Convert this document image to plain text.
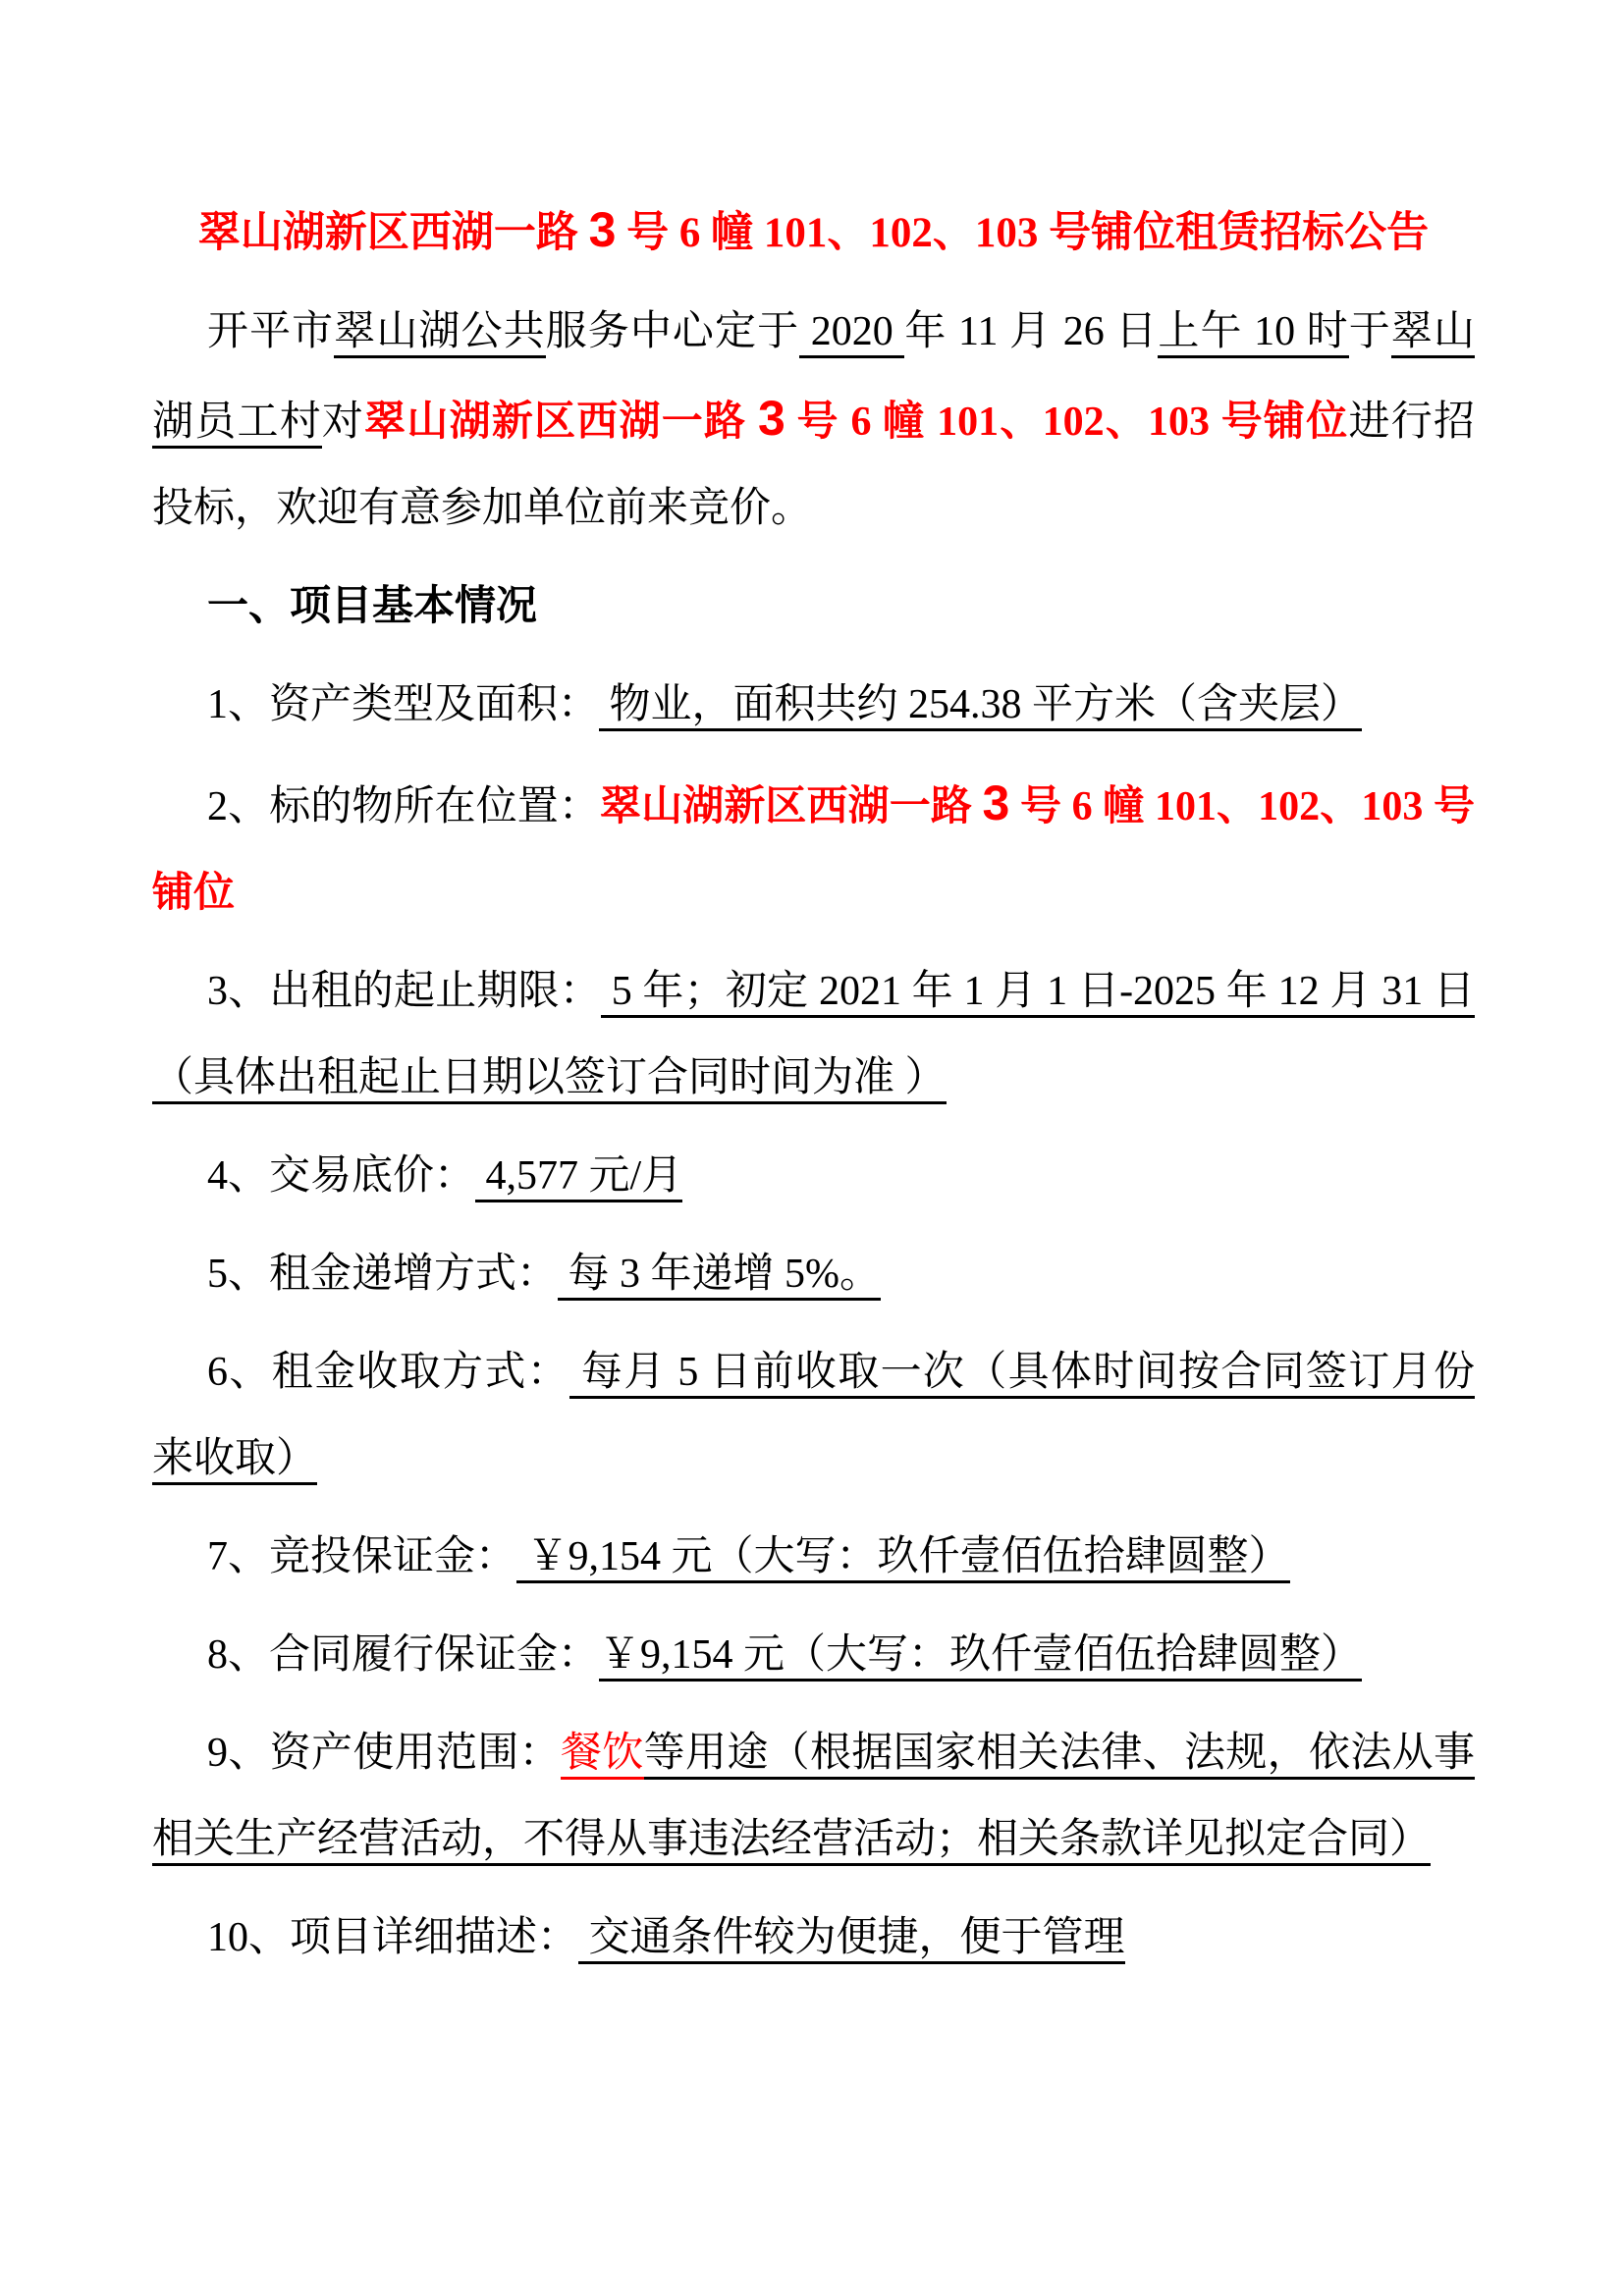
翠山湖新区西湖一路 3 号 6 幢 101、102、103 号铺位租赁招标公告

开平市翠山湖公共服务中心定于 2020 年 11 月 26 日上午 10 时于翠山湖员工村对翠山湖新区西湖一路 3 号 6 幢 101、102、103 号铺位进行招投标，欢迎有意参加单位前来竞价。

一、项目基本情况

1、资产类型及面积： 物业，面积共约 254.38 平方米（含夹层）

2、标的物所在位置：翠山湖新区西湖一路 3 号 6 幢 101、102、103 号铺位

3、出租的起止期限： 5 年；初定 2021 年 1 月 1 日-2025 年 12 月 31 日（具体出租起止日期以签订合同时间为准 ）

4、交易底价： 4,577 元/月

5、租金递增方式： 每 3 年递增 5%。

6、租金收取方式： 每月 5 日前收取一次（具体时间按合同签订月份来收取）

7、竞投保证金： ￥9,154 元（大写：玖仟壹佰伍拾肆圆整）

8、合同履行保证金：￥9,154 元（大写：玖仟壹佰伍拾肆圆整）

9、资产使用范围：餐饮等用途（根据国家相关法律、法规，依法从事相关生产经营活动，不得从事违法经营活动；相关条款详见拟定合同）

10、项目详细描述： 交通条件较为便捷，便于管理
